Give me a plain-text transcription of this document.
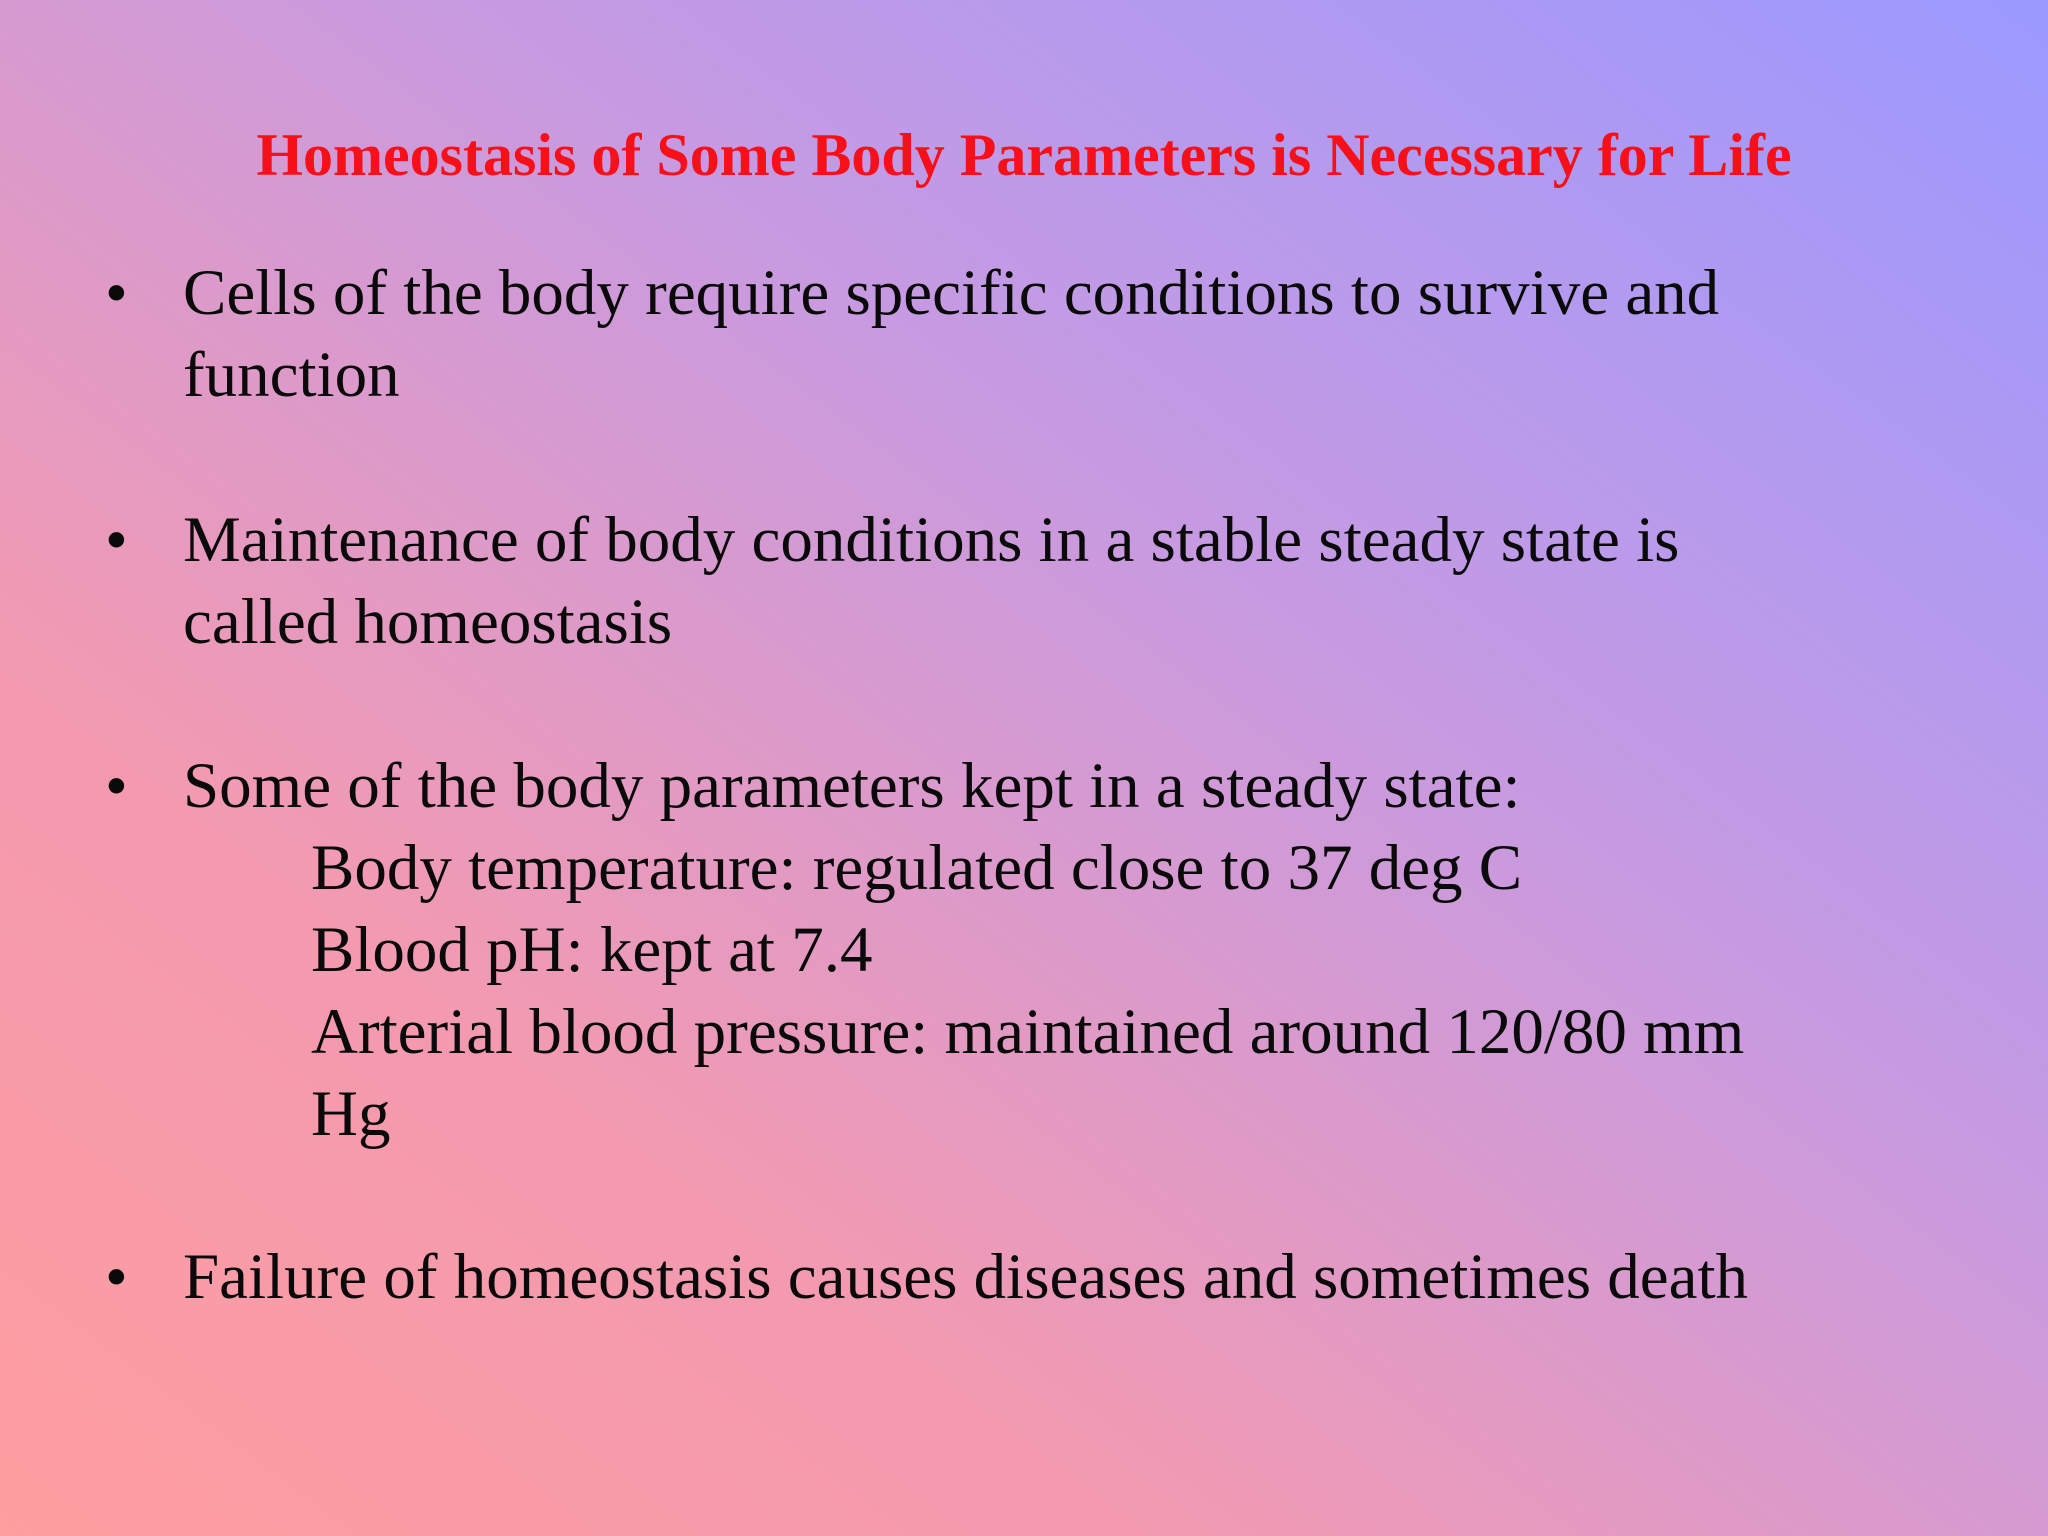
Homeostasis of Some Body Parameters is Necessary for Life
• Cells of the body require specific conditions to survive and
function
• Maintenance of body conditions in a stable steady state is
called homeostasis
• Some of the body parameters kept in a steady state:
Body temperature: regulated close to 37 deg C
Blood pH: kept at 7.4
Arterial blood pressure: maintained around 120/80 mm
Hg
• Failure of homeostasis causes diseases and sometimes death
